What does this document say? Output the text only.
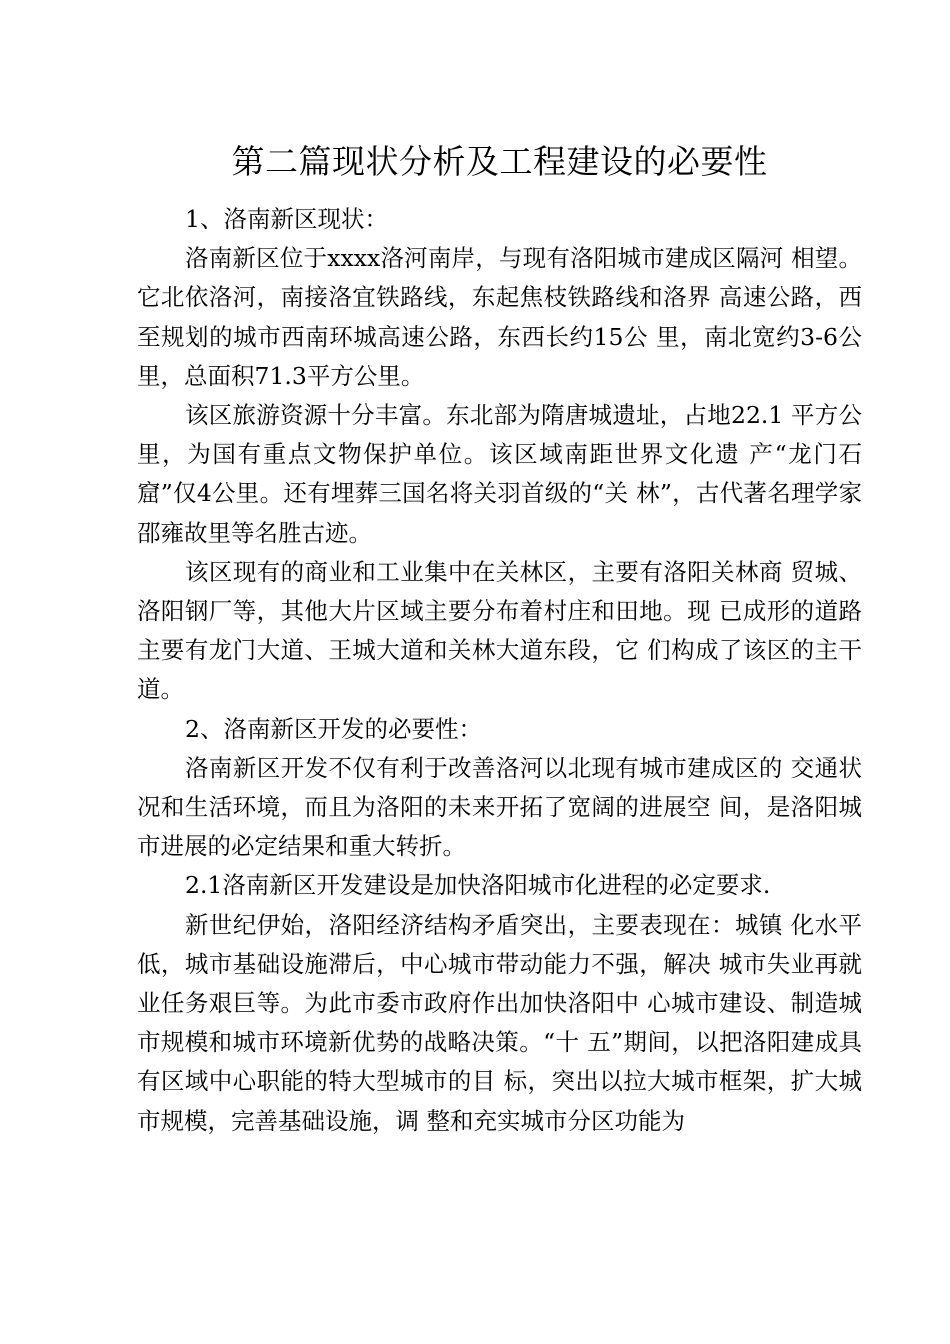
第二篇现状分析及工程建设的必要性

1、洛南新区现状：

洛南新区位于xxxx洛河南岸，与现有洛阳城市建成区隔河 相望。它北依洛河，南接洛宜铁路线，东起焦枝铁路线和洛界 高速公路，西至规划的城市西南环城高速公路，东西长约15公 里，南北宽约3-6公里，总面积71.3平方公里。

该区旅游资源十分丰富。东北部为隋唐城遗址，占地22.1 平方公里，为国有重点文物保护单位。该区域南距世界文化遗 产“龙门石窟”仅4公里。还有埋葬三国名将关羽首级的“关 林”，古代著名理学家邵雍故里等名胜古迹。

该区现有的商业和工业集中在关林区，主要有洛阳关林商 贸城、洛阳钢厂等，其他大片区域主要分布着村庄和田地。现 已成形的道路主要有龙门大道、王城大道和关林大道东段，它 们构成了该区的主干道。

2、洛南新区开发的必要性：

洛南新区开发不仅有利于改善洛河以北现有城市建成区的 交通状况和生活环境，而且为洛阳的未来开拓了宽阔的进展空 间，是洛阳城市进展的必定结果和重大转折。

2.1洛南新区开发建设是加快洛阳城市化进程的必定要求.

新世纪伊始，洛阳经济结构矛盾突出，主要表现在：城镇 化水平低，城市基础设施滞后，中心城市带动能力不强，解决 城市失业再就业任务艰巨等。为此市委市政府作出加快洛阳中 心城市建设、制造城市规模和城市环境新优势的战略决策。“十 五”期间，以把洛阳建成具有区域中心职能的特大型城市的目 标，突出以拉大城市框架，扩大城市规模，完善基础设施，调 整和充实城市分区功能为
